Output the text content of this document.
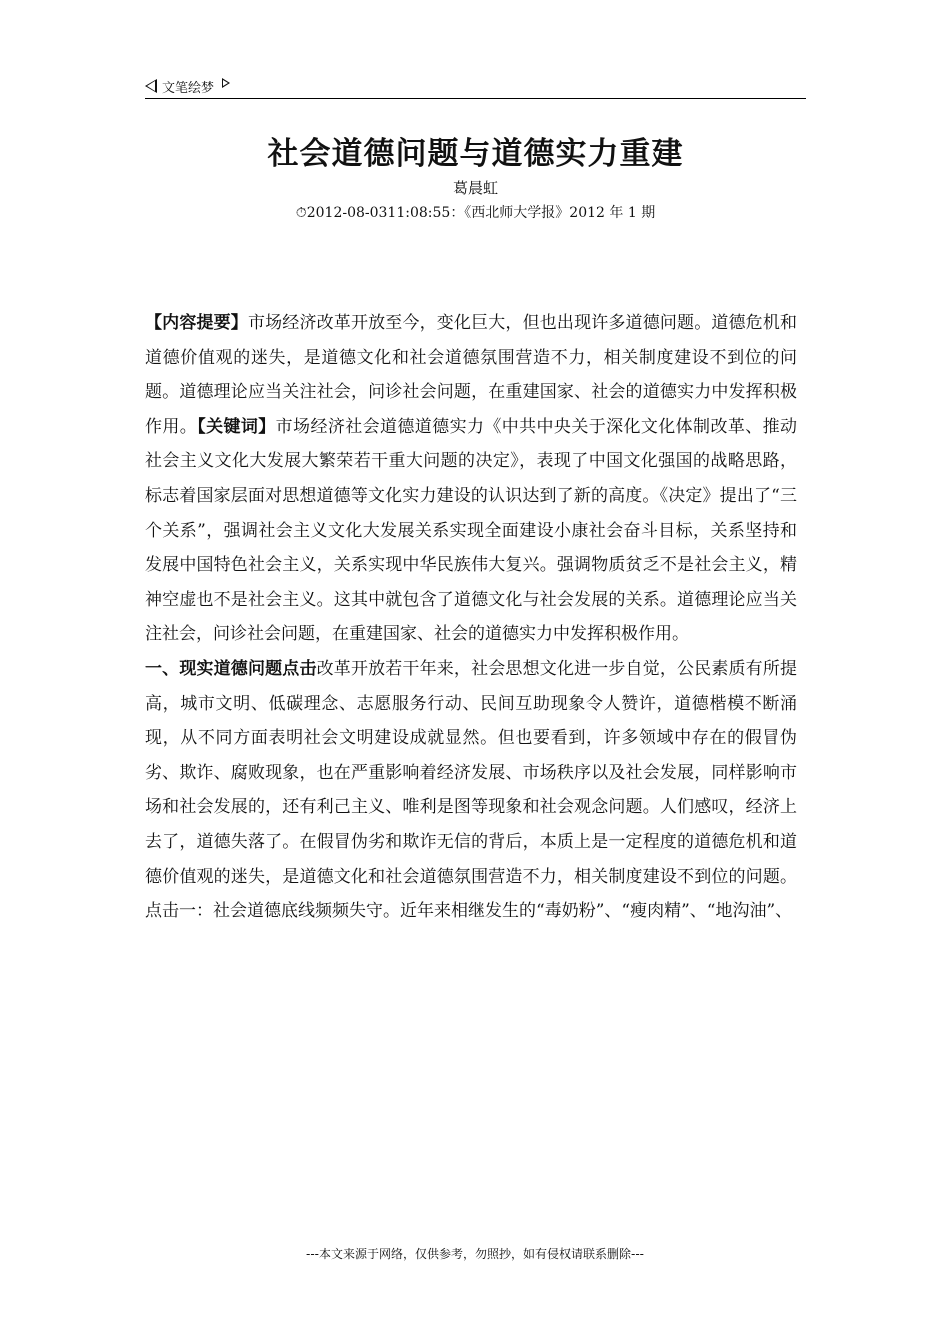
文笔绘梦
社会道德问题与道德实力重建
葛晨虹
⏱2012-08-0311:08:55：《西北师大学报》2012 年 1 期

【内容提要】市场经济改革开放至今，变化巨大，但也出现许多道德问题。道德危机和道德价值观的迷失，是道德文化和社会道德氛围营造不力，相关制度建设不到位的问题。道德理论应当关注社会，问诊社会问题，在重建国家、社会的道德实力中发挥积极作用。【关键词】市场经济社会道德道德实力《中共中央关于深化文化体制改革、推动社会主义文化大发展大繁荣若干重大问题的决定》，表现了中国文化强国的战略思路，标志着国家层面对思想道德等文化实力建设的认识达到了新的高度。《决定》提出了“三个关系”，强调社会主义文化大发展关系实现全面建设小康社会奋斗目标，关系坚持和发展中国特色社会主义，关系实现中华民族伟大复兴。强调物质贫乏不是社会主义，精神空虚也不是社会主义。这其中就包含了道德文化与社会发展的关系。道德理论应当关注社会，问诊社会问题，在重建国家、社会的道德实力中发挥积极作用。
一、现实道德问题点击改革开放若干年来，社会思想文化进一步自觉，公民素质有所提高，城市文明、低碳理念、志愿服务行动、民间互助现象令人赞许，道德楷模不断涌现，从不同方面表明社会文明建设成就显然。但也要看到，许多领域中存在的假冒伪劣、欺诈、腐败现象，也在严重影响着经济发展、市场秩序以及社会发展，同样影响市场和社会发展的，还有利己主义、唯利是图等现象和社会观念问题。人们感叹，经济上去了，道德失落了。在假冒伪劣和欺诈无信的背后，本质上是一定程度的道德危机和道德价值观的迷失，是道德文化和社会道德氛围营造不力，相关制度建设不到位的问题。点击一：社会道德底线频频失守。近年来相继发生的“毒奶粉”、“瘦肉精”、“地沟油”、

---本文来源于网络，仅供参考，勿照抄，如有侵权请联系删除---
